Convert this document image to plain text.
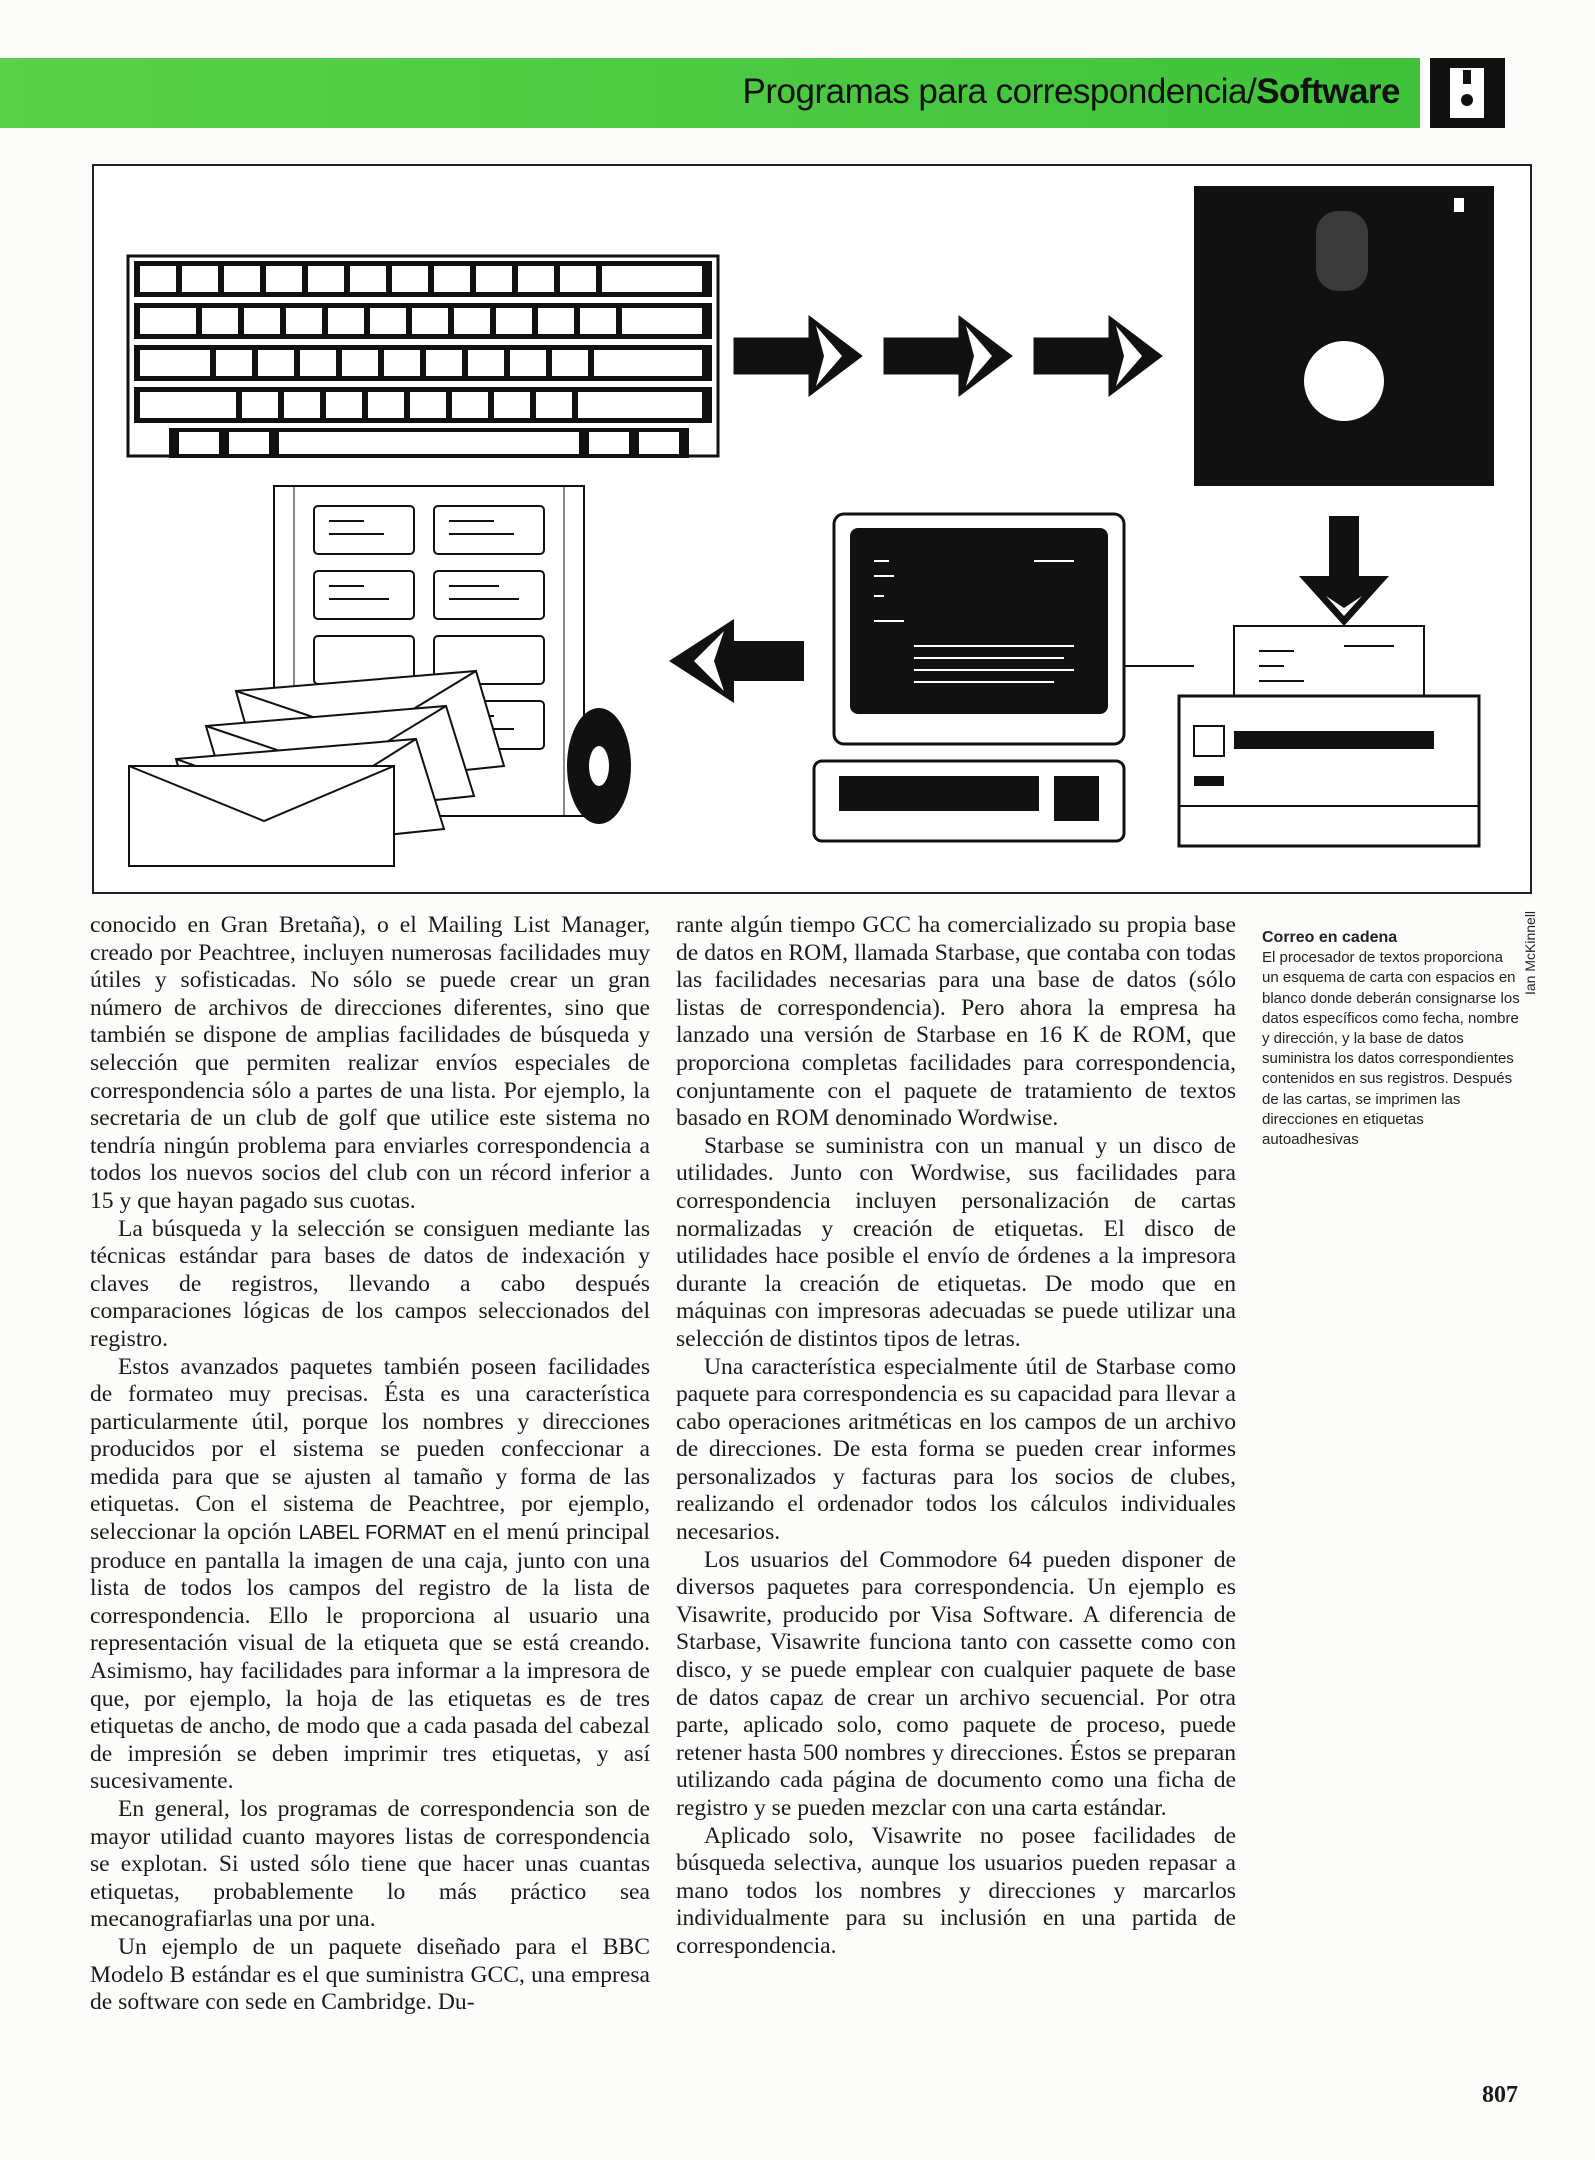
Programas para correspondencia/Software
Ian McKinnell

conocido en Gran Bretaña), o el Mailing List Manager, creado por Peachtree, incluyen numerosas facilidades muy útiles y sofisticadas. No sólo se puede crear un gran número de archivos de direcciones diferentes, sino que también se dispone de amplias facilidades de búsqueda y selección que permiten realizar envíos especiales de correspondencia sólo a partes de una lista. Por ejemplo, la secretaria de un club de golf que utilice este sistema no tendría ningún problema para enviarles correspondencia a todos los nuevos socios del club con un récord inferior a 15 y que hayan pagado sus cuotas.

La búsqueda y la selección se consiguen mediante las técnicas estándar para bases de datos de indexación y claves de registros, llevando a cabo después comparaciones lógicas de los campos seleccionados del registro.

Estos avanzados paquetes también poseen facilidades de formateo muy precisas. Ésta es una característica particularmente útil, porque los nombres y direcciones producidos por el sistema se pueden confeccionar a medida para que se ajusten al tamaño y forma de las etiquetas. Con el sistema de Peachtree, por ejemplo, seleccionar la opción LABEL FORMAT en el menú principal produce en pantalla la imagen de una caja, junto con una lista de todos los campos del registro de la lista de correspondencia. Ello le proporciona al usuario una representación visual de la etiqueta que se está creando. Asimismo, hay facilidades para informar a la impresora de que, por ejemplo, la hoja de las etiquetas es de tres etiquetas de ancho, de modo que a cada pasada del cabezal de impresión se deben imprimir tres etiquetas, y así sucesivamente.

En general, los programas de correspondencia son de mayor utilidad cuanto mayores listas de correspondencia se explotan. Si usted sólo tiene que hacer unas cuantas etiquetas, probablemente lo más práctico sea mecanografiarlas una por una.

Un ejemplo de un paquete diseñado para el BBC Modelo B estándar es el que suministra GCC, una empresa de software con sede en Cambridge. Du-

rante algún tiempo GCC ha comercializado su propia base de datos en ROM, llamada Starbase, que contaba con todas las facilidades necesarias para una base de datos (sólo listas de correspondencia). Pero ahora la empresa ha lanzado una versión de Starbase en 16 K de ROM, que proporciona completas facilidades para correspondencia, conjuntamente con el paquete de tratamiento de textos basado en ROM denominado Wordwise.

Starbase se suministra con un manual y un disco de utilidades. Junto con Wordwise, sus facilidades para correspondencia incluyen personalización de cartas normalizadas y creación de etiquetas. El disco de utilidades hace posible el envío de órdenes a la impresora durante la creación de etiquetas. De modo que en máquinas con impresoras adecuadas se puede utilizar una selección de distintos tipos de letras.

Una característica especialmente útil de Starbase como paquete para correspondencia es su capacidad para llevar a cabo operaciones aritméticas en los campos de un archivo de direcciones. De esta forma se pueden crear informes personalizados y facturas para los socios de clubes, realizando el ordenador todos los cálculos individuales necesarios.

Los usuarios del Commodore 64 pueden disponer de diversos paquetes para correspondencia. Un ejemplo es Visawrite, producido por Visa Software. A diferencia de Starbase, Visawrite funciona tanto con cassette como con disco, y se puede emplear con cualquier paquete de base de datos capaz de crear un archivo secuencial. Por otra parte, aplicado solo, como paquete de proceso, puede retener hasta 500 nombres y direcciones. Éstos se preparan utilizando cada página de documento como una ficha de registro y se pueden mezclar con una carta estándar.

Aplicado solo, Visawrite no posee facilidades de búsqueda selectiva, aunque los usuarios pueden repasar a mano todos los nombres y direcciones y marcarlos individualmente para su inclusión en una partida de correspondencia.

Correo en cadena
El procesador de textos proporciona un esquema de carta con espacios en blanco donde deberán consignarse los datos específicos como fecha, nombre y dirección, y la base de datos suministra los datos correspondientes contenidos en sus registros. Después de las cartas, se imprimen las direcciones en etiquetas autoadhesivas
807
